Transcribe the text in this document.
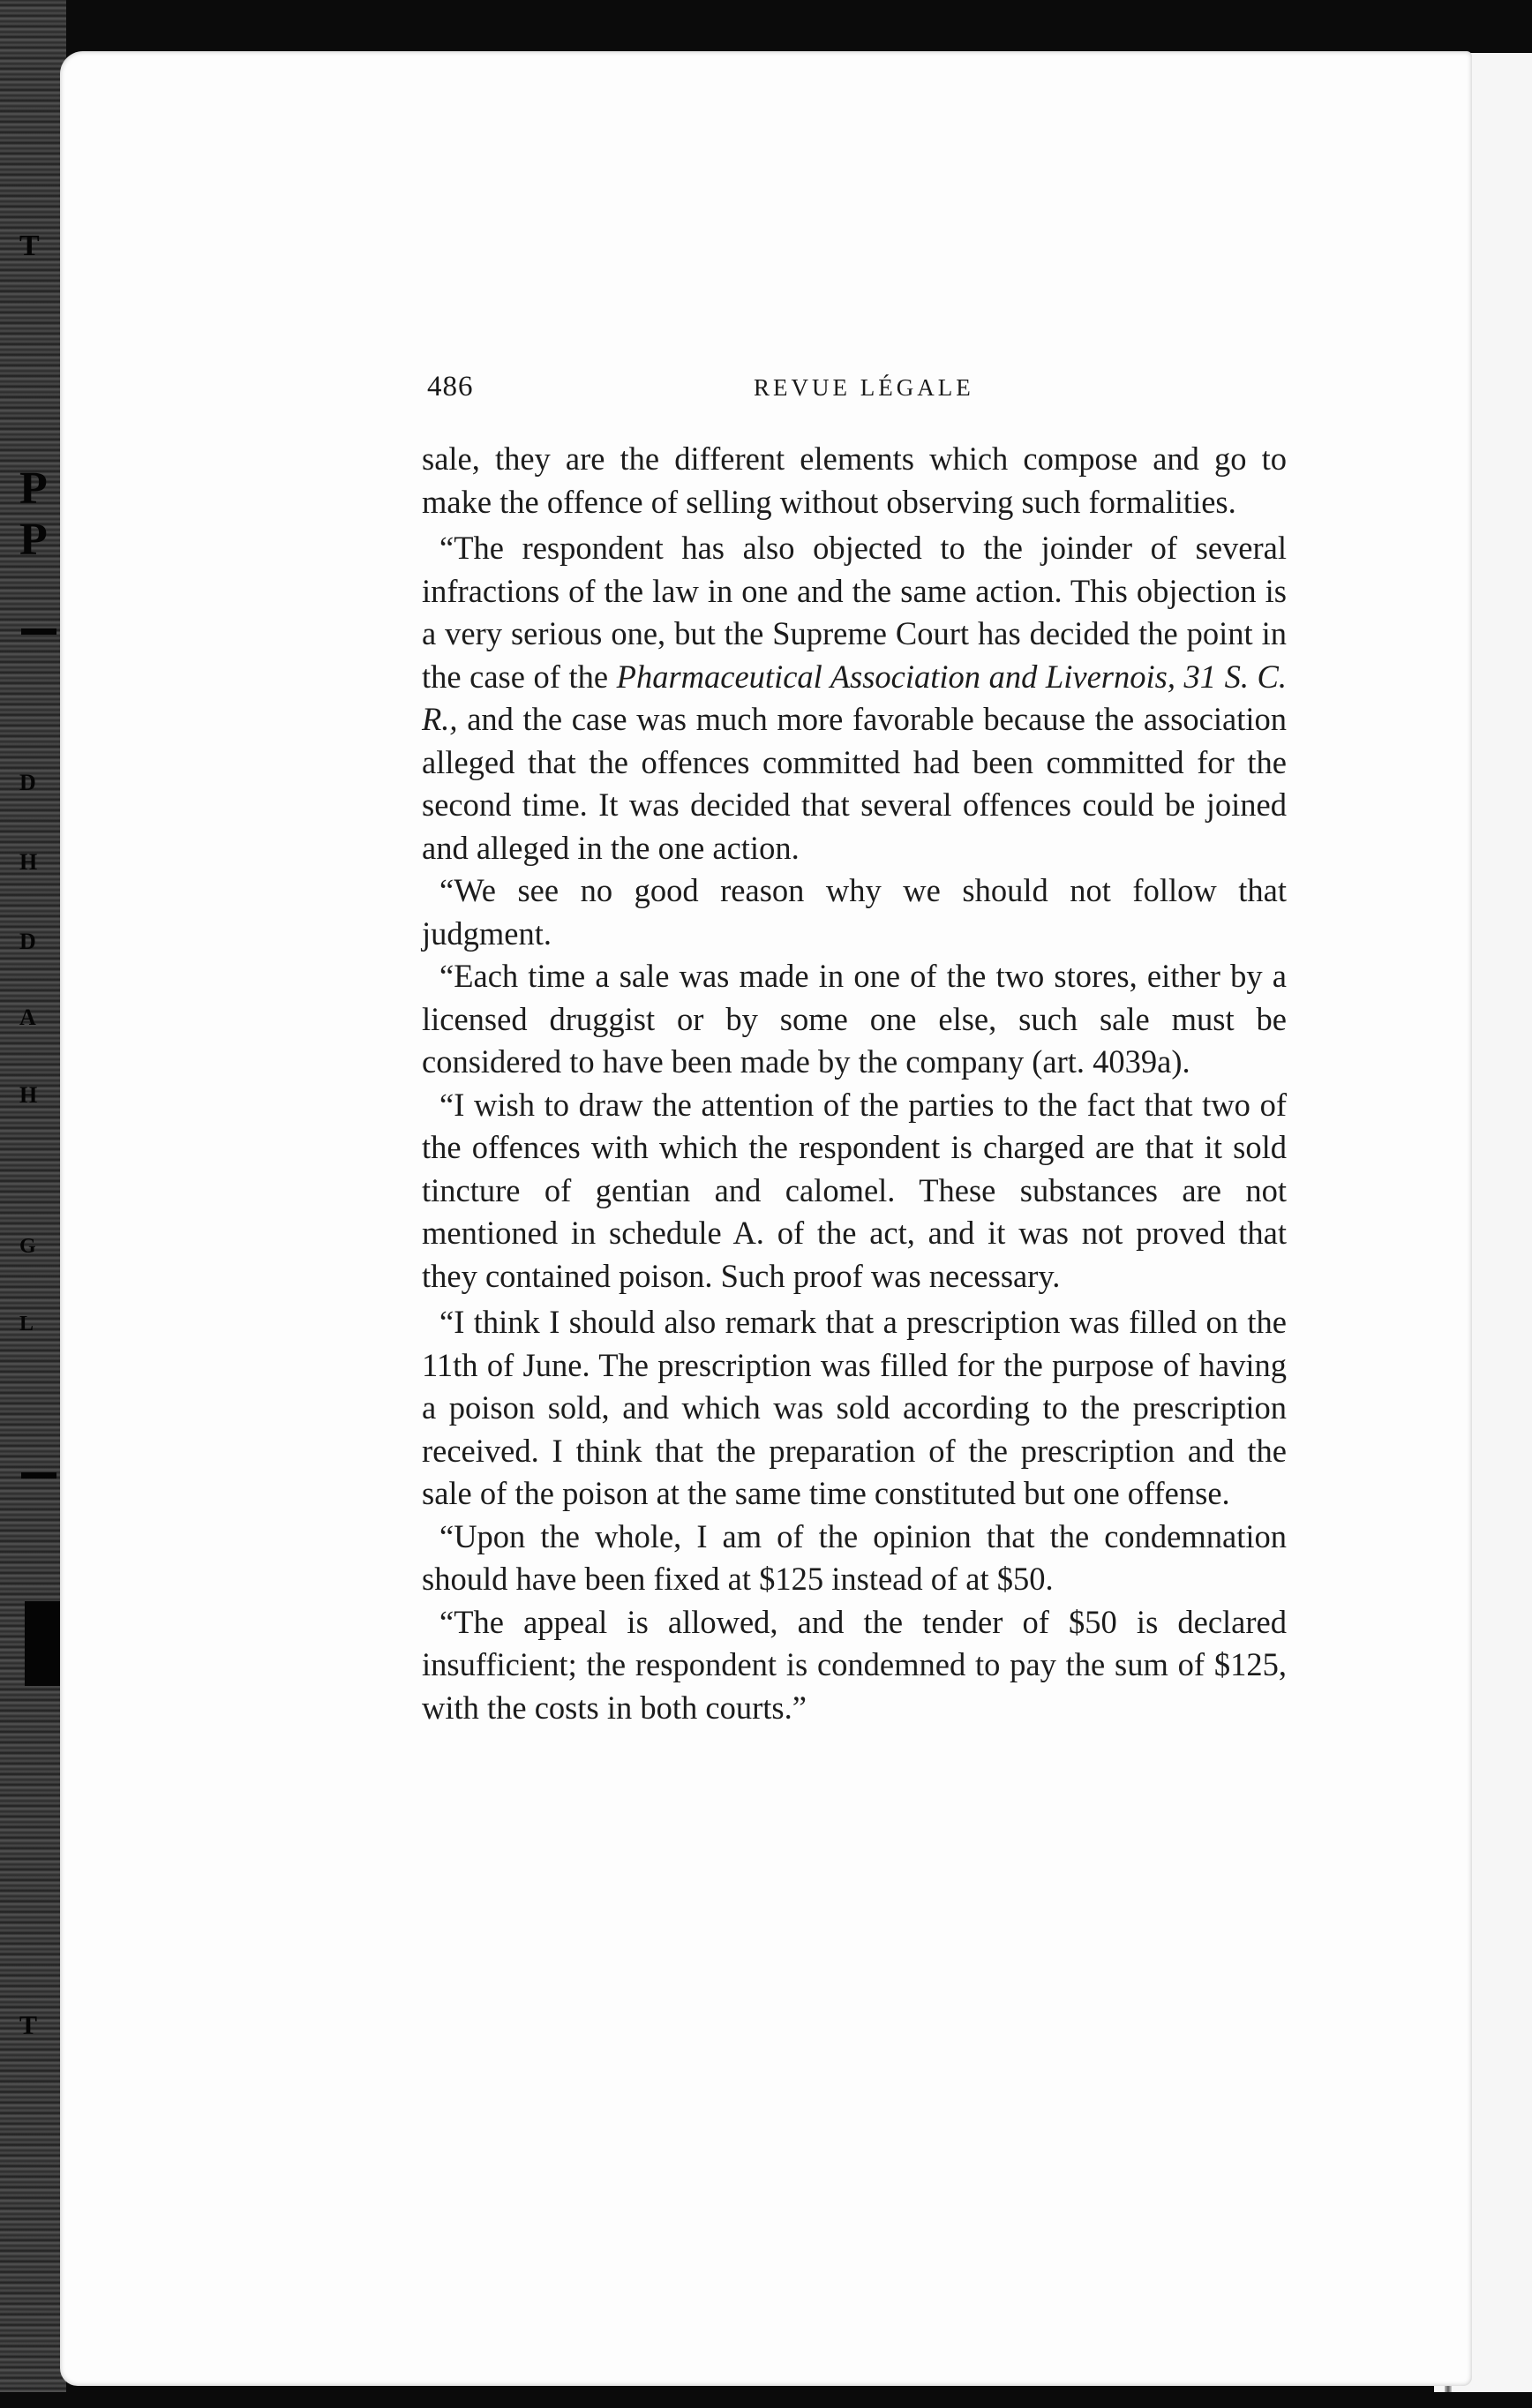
T
P
P
D
H
D
A
H
G
L
T
486	REVUE LÉGALE

sale, they are the different elements which compose and go to make the offence of selling without observing such formalities.

“The respondent has also objected to the joinder of several infractions of the law in one and the same action. This objection is a very serious one, but the Supreme Court has decided the point in the case of the Pharmaceutical Association and Livernois, 31 S. C. R., and the case was much more favorable because the association alleged that the offences committed had been committed for the second time. It was decided that several offences could be joined and alleged in the one action.

“We see no good reason why we should not follow that judgment.

“Each time a sale was made in one of the two stores, either by a licensed druggist or by some one else, such sale must be considered to have been made by the company (art. 4039a).

“I wish to draw the attention of the parties to the fact that two of the offences with which the respondent is charged are that it sold tincture of gentian and calomel. These substances are not mentioned in schedule A. of the act, and it was not proved that they contained poison. Such proof was necessary.

“I think I should also remark that a prescription was filled on the 11th of June. The prescription was filled for the purpose of having a poison sold, and which was sold according to the prescription received. I think that the preparation of the prescription and the sale of the poison at the same time constituted but one offense.

“Upon the whole, I am of the opinion that the condemnation should have been fixed at $125 instead of at $50.

“The appeal is allowed, and the tender of $50 is declared insufficient; the respondent is condemned to pay the sum of $125, with the costs in both courts.”
